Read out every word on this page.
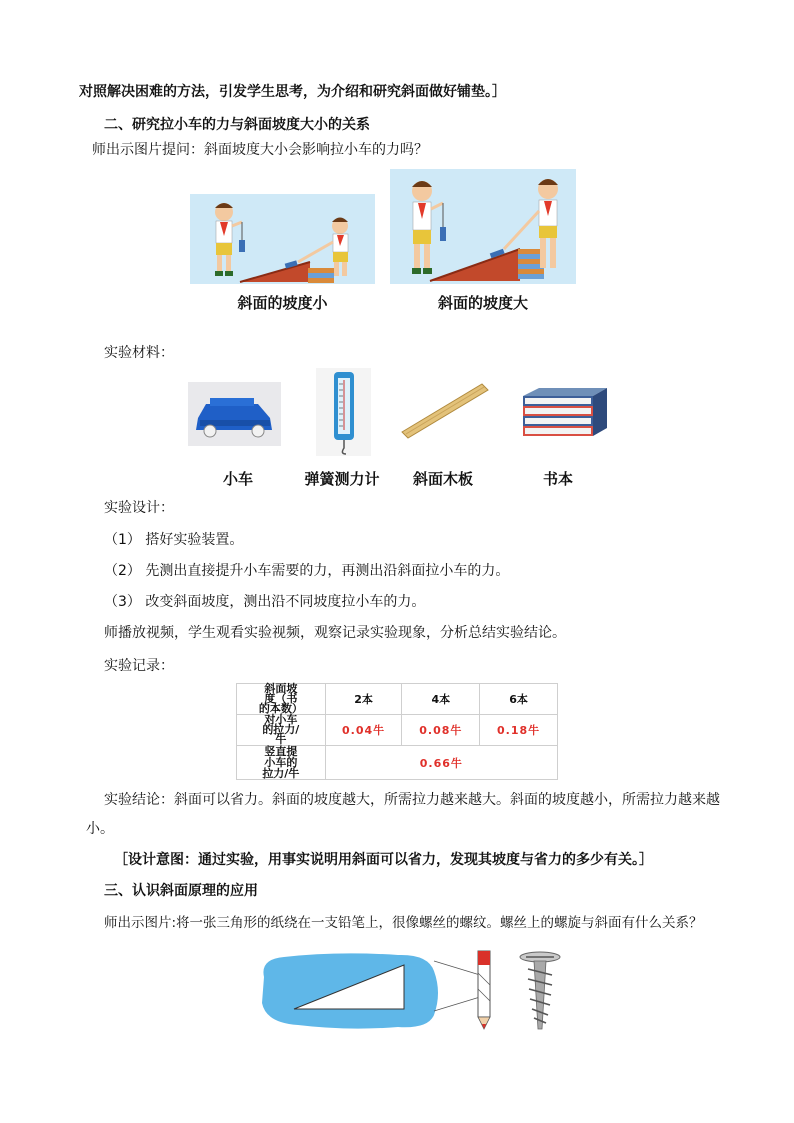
对照解决困难的方法，引发学生思考，为介绍和研究斜面做好铺垫。］
二、研究拉小车的力与斜面坡度大小的关系
师出示图片提问：斜面坡度大小会影响拉小车的力吗？
斜面的坡度小	斜面的坡度大
实验材料：
小车	弹簧测力计	斜面木板	书本
实验设计：
（1） 搭好实验装置。
（2） 先测出直接提升小车需要的力，再测出沿斜面拉小车的力。
（3） 改变斜面坡度，测出沿不同坡度拉小车的力。
师播放视频，学生观看实验视频，观察记录实验现象，分析总结实验结论。
实验记录：
斜面坡
度（书
的本数）	2本	4本	6本

对小车
的拉力/
牛	0.04牛	0.08牛	0.18牛

竖直提
小车的
拉力/牛	0.66牛		
实验结论：斜面可以省力。斜面的坡度越大，所需拉力越来越大。斜面的坡度越小，所需拉力越来越
小。
［设计意图：通过实验，用事实说明用斜面可以省力，发现其坡度与省力的多少有关。］
三、认识斜面原理的应用
师出示图片:将一张三角形的纸绕在一支铅笔上，很像螺丝的螺纹。螺丝上的螺旋与斜面有什么关系？
